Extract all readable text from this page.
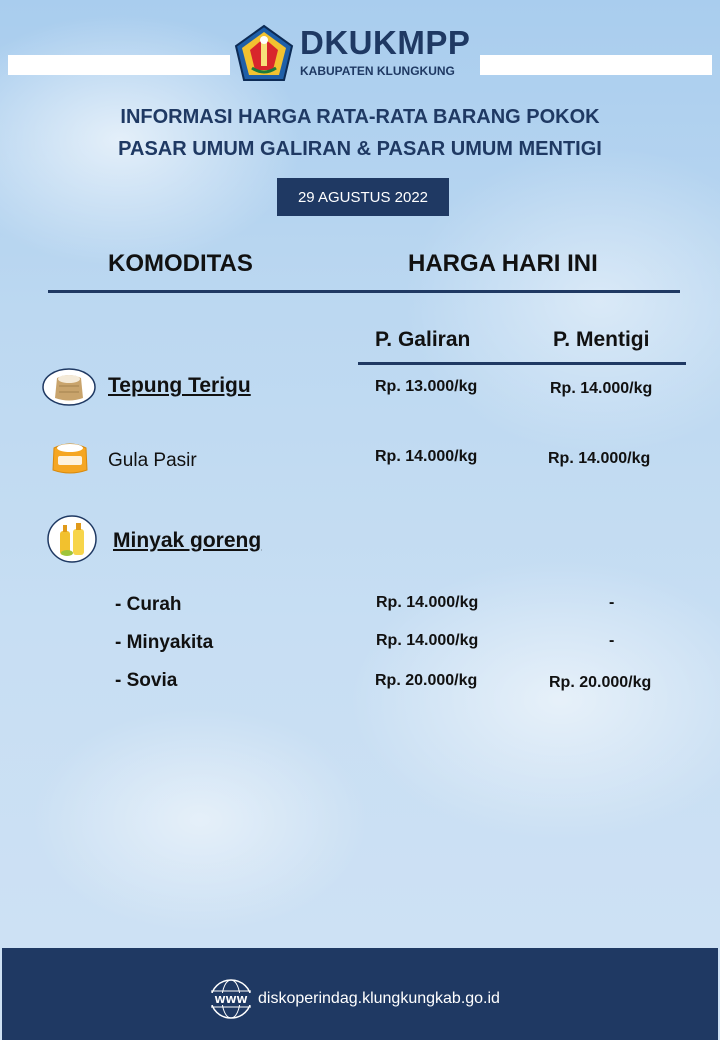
DKUKMPP
KABUPATEN KLUNGKUNG
INFORMASI HARGA RATA-RATA BARANG POKOK
PASAR UMUM GALIRAN & PASAR UMUM MENTIGI
29 AGUSTUS 2022
KOMODITAS	HARGA HARI INI
P. Galiran	P. Mentigi
Tepung Terigu	Rp. 13.000/kg	Rp. 14.000/kg
Gula Pasir	Rp. 14.000/kg	Rp. 14.000/kg
Minyak goreng
- Curah	Rp. 14.000/kg	-
- Minyakita	Rp. 14.000/kg	-
- Sovia	Rp. 20.000/kg	Rp. 20.000/kg
WWW diskoperindag.klungkungkab.go.id
